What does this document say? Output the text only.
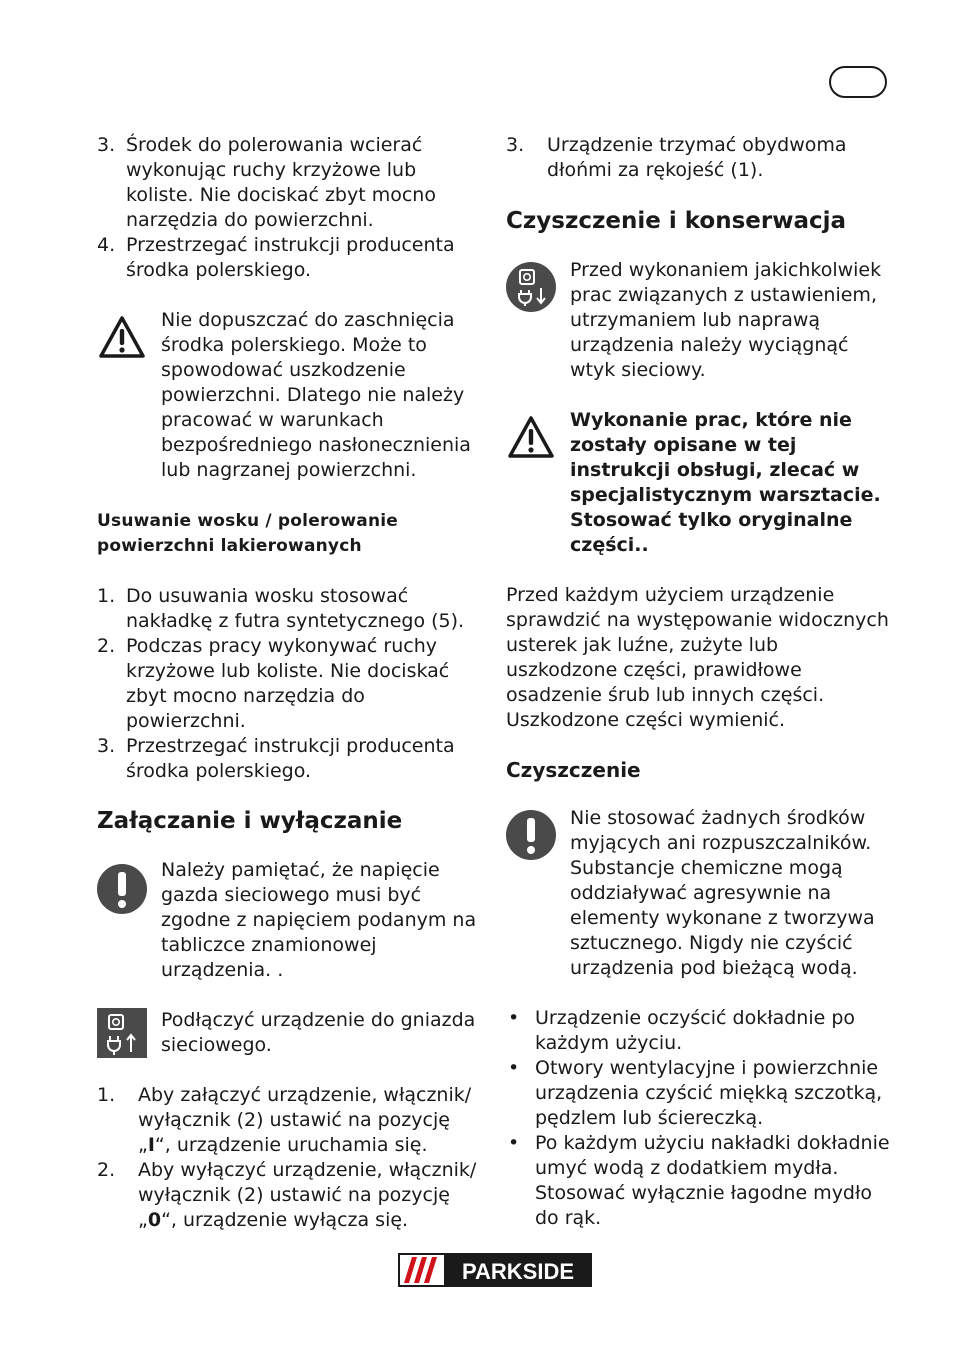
3. Środek do polerowania wcierać wykonując ruchy krzyżowe lub koliste. Nie dociskać zbyt mocno narzędzia do powierzchni.
4. Przestrzegać instrukcji producenta środka polerskiego.

Nie dopuszczać do zaschnięcia środka polerskiego. Może to spowodować uszkodzenie powierzchni. Dlatego nie należy pracować w warunkach bezpośredniego nasłonecznienia lub nagrzanej powierzchni.

Usuwanie wosku / polerowanie powierzchni lakierowanych
1. Do usuwania wosku stosować nakładkę z futra syntetycznego (5).
2. Podczas pracy wykonywać ruchy krzyżowe lub koliste. Nie dociskać zbyt mocno narzędzia do powierzchni.
3. Przestrzegać instrukcji producenta środka polerskiego.
Załączanie i wyłączanie

Należy pamiętać, że napięcie gazda sieciowego musi być zgodne z napięciem podanym na tabliczce znamionowej urządzenia. .

Podłączyć urządzenie do gniazda sieciowego.

1. Aby załączyć urządzenie, włącznik/ wyłącznik (2) ustawić na pozycję „I“, urządzenie uruchamia się.
2. Aby wyłączyć urządzenie, włącznik/ wyłącznik (2) ustawić na pozycję „0“, urządzenie wyłącza się.
3. Urządzenie trzymać obydwoma dłońmi za rękojeść (1).
Czyszczenie i konserwacja

Przed wykonaniem jakichkolwiek prac związanych z ustawieniem, utrzymaniem lub naprawą urządzenia należy wyciągnąć wtyk sieciowy.

Wykonanie prac, które nie zostały opisane w tej instrukcji obsługi, zlecać w specjalistycznym warsztacie. Stosować tylko oryginalne części..

Przed każdym użyciem urządzenie sprawdzić na występowanie widocznych usterek jak luźne, zużyte lub uszkodzone części, prawidłowe osadzenie śrub lub innych części. Uszkodzone części wymienić.

Czyszczenie

Nie stosować żadnych środków myjących ani rozpuszczalników. Substancje chemiczne mogą oddziaływać agresywnie na elementy wykonane z tworzywa sztucznego. Nigdy nie czyścić urządzenia pod bieżącą wodą.

• Urządzenie oczyścić dokładnie po każdym użyciu.
• Otwory wentylacyjne i powierzchnie urządzenia czyścić miękką szczotką, pędzlem lub ściereczką.
• Po każdym użyciu nakładki dokładnie umyć wodą z dodatkiem mydła. Stosować wyłącznie łagodne mydło do rąk.
PARKSIDE
